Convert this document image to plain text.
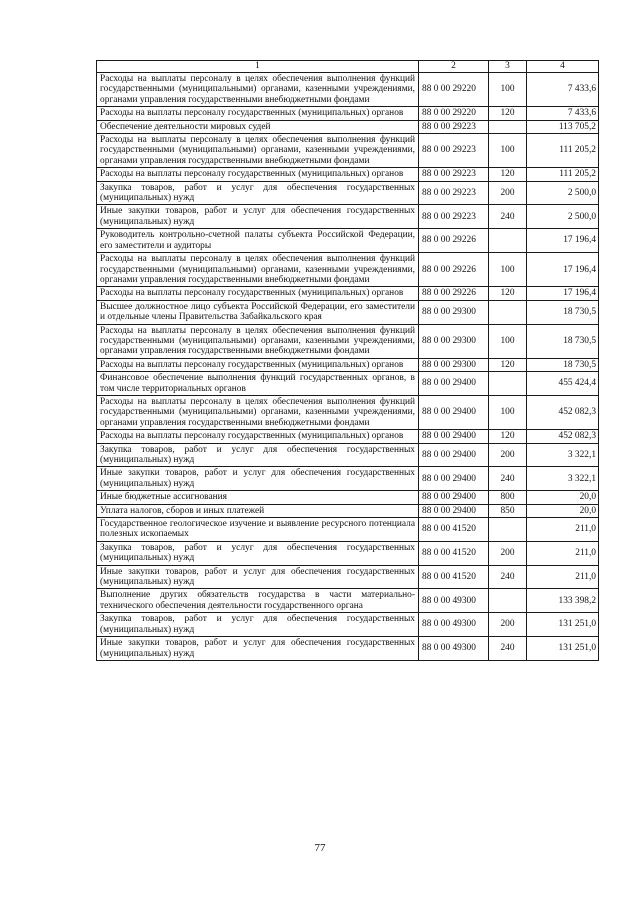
1	2	3	4
Расходы на выплаты персоналу в целях обеспечения выполнения функций государственными (муниципальными) органами, казенными учреждениями, органами управления государственными внебюджетными фондами	88 0 00 29220	100	7 433,6
Расходы на выплаты персоналу государственных (муниципальных) органов	88 0 00 29220	120	7 433,6
Обеспечение деятельности мировых судей	88 0 00 29223		113 705,2
Расходы на выплаты персоналу в целях обеспечения выполнения функций государственными (муниципальными) органами, казенными учреждениями, органами управления государственными внебюджетными фондами	88 0 00 29223	100	111 205,2
Расходы на выплаты персоналу государственных (муниципальных) органов	88 0 00 29223	120	111 205,2
Закупка товаров, работ и услуг для обеспечения государственных (муниципальных) нужд	88 0 00 29223	200	2 500,0
Иные закупки товаров, работ и услуг для обеспечения государственных (муниципальных) нужд	88 0 00 29223	240	2 500,0
Руководитель контрольно-счетной палаты субъекта Российской Федерации, его заместители и аудиторы	88 0 00 29226		17 196,4
Расходы на выплаты персоналу в целях обеспечения выполнения функций государственными (муниципальными) органами, казенными учреждениями, органами управления государственными внебюджетными фондами	88 0 00 29226	100	17 196,4
Расходы на выплаты персоналу государственных (муниципальных) органов	88 0 00 29226	120	17 196,4
Высшее должностное лицо субъекта Российской Федерации, его заместители и отдельные члены Правительства Забайкальского края	88 0 00 29300		18 730,5
Расходы на выплаты персоналу в целях обеспечения выполнения функций государственными (муниципальными) органами, казенными учреждениями, органами управления государственными внебюджетными фондами	88 0 00 29300	100	18 730,5
Расходы на выплаты персоналу государственных (муниципальных) органов	88 0 00 29300	120	18 730,5
Финансовое обеспечение выполнения функций государственных органов, в том числе территориальных органов	88 0 00 29400		455 424,4
Расходы на выплаты персоналу в целях обеспечения выполнения функций государственными (муниципальными) органами, казенными учреждениями, органами управления государственными внебюджетными фондами	88 0 00 29400	100	452 082,3
Расходы на выплаты персоналу государственных (муниципальных) органов	88 0 00 29400	120	452 082,3
Закупка товаров, работ и услуг для обеспечения государственных (муниципальных) нужд	88 0 00 29400	200	3 322,1
Иные закупки товаров, работ и услуг для обеспечения государственных (муниципальных) нужд	88 0 00 29400	240	3 322,1
Иные бюджетные ассигнования	88 0 00 29400	800	20,0
Уплата налогов, сборов и иных платежей	88 0 00 29400	850	20,0
Государственное геологическое изучение и выявление ресурсного потенциала полезных ископаемых	88 0 00 41520		211,0
Закупка товаров, работ и услуг для обеспечения государственных (муниципальных) нужд	88 0 00 41520	200	211,0
Иные закупки товаров, работ и услуг для обеспечения государственных (муниципальных) нужд	88 0 00 41520	240	211,0
Выполнение других обязательств государства в части материально-технического обеспечения деятельности государственного органа	88 0 00 49300		133 398,2
Закупка товаров, работ и услуг для обеспечения государственных (муниципальных) нужд	88 0 00 49300	200	131 251,0
Иные закупки товаров, работ и услуг для обеспечения государственных (муниципальных) нужд	88 0 00 49300	240	131 251,0
77
